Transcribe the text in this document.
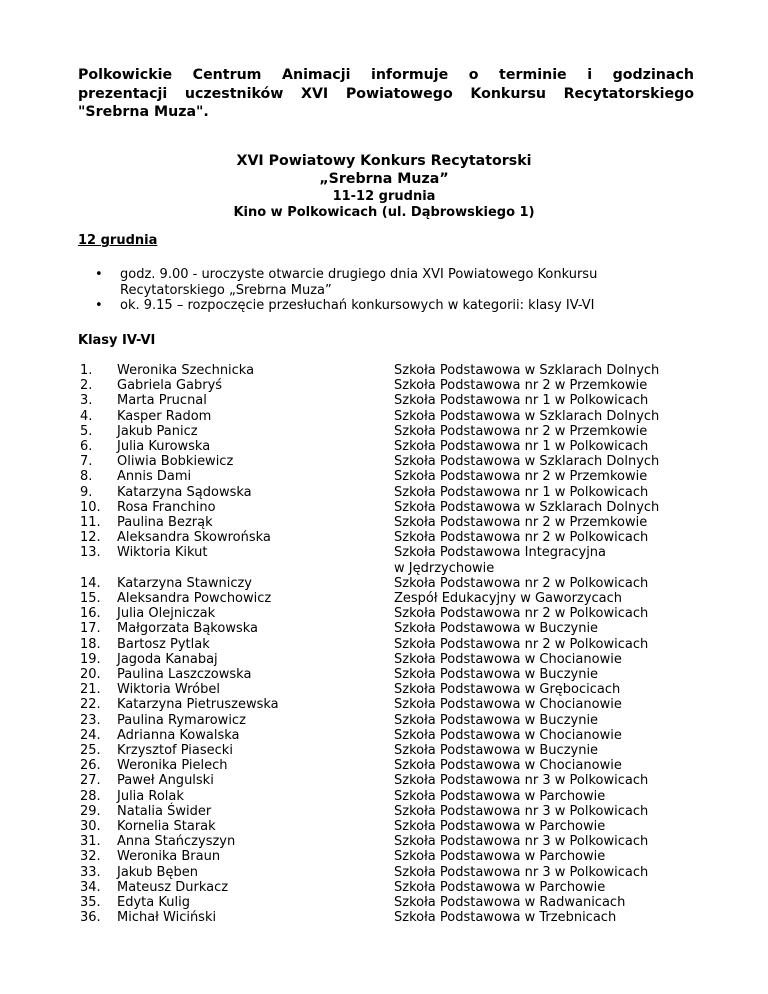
Polkowickie Centrum Animacji informuje o terminie i godzinach
prezentacji uczestników XVI Powiatowego Konkursu Recytatorskiego
"Srebrna Muza".
XVI Powiatowy Konkurs Recytatorski
„Srebrna Muza”
11-12 grudnia
Kino w Polkowicach (ul. Dąbrowskiego 1)
12 grudnia
• godz. 9.00 - uroczyste otwarcie drugiego dnia XVI Powiatowego Konkursu
Recytatorskiego „Srebrna Muza”
• ok. 9.15 – rozpoczęcie przesłuchań konkursowych w kategorii: klasy IV-VI
Klasy IV-VI
1.	Weronika Szechnicka	Szkoła Podstawowa w Szklarach Dolnych
2.	Gabriela Gabryś	Szkoła Podstawowa nr 2 w Przemkowie
3.	Marta Prucnal	Szkoła Podstawowa nr 1 w Polkowicach
4.	Kasper Radom	Szkoła Podstawowa w Szklarach Dolnych
5.	Jakub Panicz	Szkoła Podstawowa nr 2 w Przemkowie
6.	Julia Kurowska	Szkoła Podstawowa nr 1 w Polkowicach
7.	Oliwia Bobkiewicz	Szkoła Podstawowa w Szklarach Dolnych
8.	Annis Dami	Szkoła Podstawowa nr 2 w Przemkowie
9.	Katarzyna Sądowska	Szkoła Podstawowa nr 1 w Polkowicach
10.	Rosa Franchino	Szkoła Podstawowa w Szklarach Dolnych
11.	Paulina Bezrąk	Szkoła Podstawowa nr 2 w Przemkowie
12.	Aleksandra Skowrońska	Szkoła Podstawowa nr 2 w Polkowicach
13.	Wiktoria Kikut	Szkoła Podstawowa Integracyjna
w Jędrzychowie
14.	Katarzyna Stawniczy	Szkoła Podstawowa nr 2 w Polkowicach
15.	Aleksandra Powchowicz	Zespół Edukacyjny w Gaworzycach
16.	Julia Olejniczak	Szkoła Podstawowa nr 2 w Polkowicach
17.	Małgorzata Bąkowska	Szkoła Podstawowa w Buczynie
18.	Bartosz Pytlak	Szkoła Podstawowa nr 2 w Polkowicach
19.	Jagoda Kanabaj	Szkoła Podstawowa w Chocianowie
20.	Paulina Laszczowska	Szkoła Podstawowa w Buczynie
21.	Wiktoria Wróbel	Szkoła Podstawowa w Grębocicach
22.	Katarzyna Pietruszewska	Szkoła Podstawowa w Chocianowie
23.	Paulina Rymarowicz	Szkoła Podstawowa w Buczynie
24.	Adrianna Kowalska	Szkoła Podstawowa w Chocianowie
25.	Krzysztof Piasecki	Szkoła Podstawowa w Buczynie
26.	Weronika Pielech	Szkoła Podstawowa w Chocianowie
27.	Paweł Angulski	Szkoła Podstawowa nr 3 w Polkowicach
28.	Julia Rolak	Szkoła Podstawowa w Parchowie
29.	Natalia Świder	Szkoła Podstawowa nr 3 w Polkowicach
30.	Kornelia Starak	Szkoła Podstawowa w Parchowie
31.	Anna Stańczyszyn	Szkoła Podstawowa nr 3 w Polkowicach
32.	Weronika Braun	Szkoła Podstawowa w Parchowie
33.	Jakub Bęben	Szkoła Podstawowa nr 3 w Polkowicach
34.	Mateusz Durkacz	Szkoła Podstawowa w Parchowie
35.	Edyta Kulig	Szkoła Podstawowa w Radwanicach
36.	Michał Wiciński	Szkoła Podstawowa w Trzebnicach
